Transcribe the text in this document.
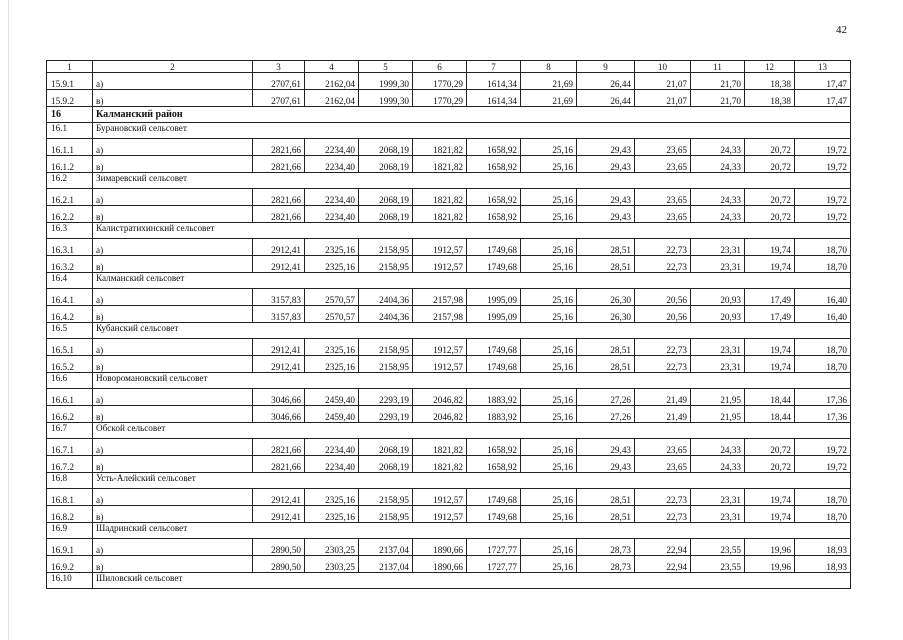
42
1	2	3	4	5	6	7	8	9	10	11	12	13
15.9.1	а)	2707,61	2162,04	1999,30	1770,29	1614,34	21,69	26,44	21,07	21,70	18,38	17,47
15.9.2	в)	2707,61	2162,04	1999,30	1770,29	1614,34	21,69	26,44	21,07	21,70	18,38	17,47
16	Калманский район											
16.1	Бурановский сельсовет											
16.1.1	а)	2821,66	2234,40	2068,19	1821,82	1658,92	25,16	29,43	23,65	24,33	20,72	19,72
16.1.2	в)	2821,66	2234,40	2068,19	1821,82	1658,92	25,16	29,43	23,65	24,33	20,72	19,72
16.2	Зимаревский сельсовет											
16.2.1	а)	2821,66	2234,40	2068,19	1821,82	1658,92	25,16	29,43	23,65	24,33	20,72	19,72
16.2.2	в)	2821,66	2234,40	2068,19	1821,82	1658,92	25,16	29,43	23,65	24,33	20,72	19,72
16.3	Калистратихинский сельсовет											
16.3.1	а)	2912,41	2325,16	2158,95	1912,57	1749,68	25,16	28,51	22,73	23,31	19,74	18,70
16.3.2	в)	2912,41	2325,16	2158,95	1912,57	1749,68	25,16	28,51	22,73	23,31	19,74	18,70
16.4	Калманский сельсовет											
16.4.1	а)	3157,83	2570,57	2404,36	2157,98	1995,09	25,16	26,30	20,56	20,93	17,49	16,40
16.4.2	в)	3157,83	2570,57	2404,36	2157,98	1995,09	25,16	26,30	20,56	20,93	17,49	16,40
16.5	Кубанский сельсовет											
16.5.1	а)	2912,41	2325,16	2158,95	1912,57	1749,68	25,16	28,51	22,73	23,31	19,74	18,70
16.5.2	в)	2912,41	2325,16	2158,95	1912,57	1749,68	25,16	28,51	22,73	23,31	19,74	18,70
16.6	Новоромановский сельсовет											
16.6.1	а)	3046,66	2459,40	2293,19	2046,82	1883,92	25,16	27,26	21,49	21,95	18,44	17,36
16.6.2	в)	3046,66	2459,40	2293,19	2046,82	1883,92	25,16	27,26	21,49	21,95	18,44	17,36
16.7	Обской сельсовет											
16.7.1	а)	2821,66	2234,40	2068,19	1821,82	1658,92	25,16	29,43	23,65	24,33	20,72	19,72
16.7.2	в)	2821,66	2234,40	2068,19	1821,82	1658,92	25,16	29,43	23,65	24,33	20,72	19,72
16.8	Усть-Алейский сельсовет											
16.8.1	а)	2912,41	2325,16	2158,95	1912,57	1749,68	25,16	28,51	22,73	23,31	19,74	18,70
16.8.2	в)	2912,41	2325,16	2158,95	1912,57	1749,68	25,16	28,51	22,73	23,31	19,74	18,70
16.9	Шадринский сельсовет											
16.9.1	а)	2890,50	2303,25	2137,04	1890,66	1727,77	25,16	28,73	22,94	23,55	19,96	18,93
16.9.2	в)	2890,50	2303,25	2137,04	1890,66	1727,77	25,16	28,73	22,94	23,55	19,96	18,93
16.10	Шиловский сельсовет											
